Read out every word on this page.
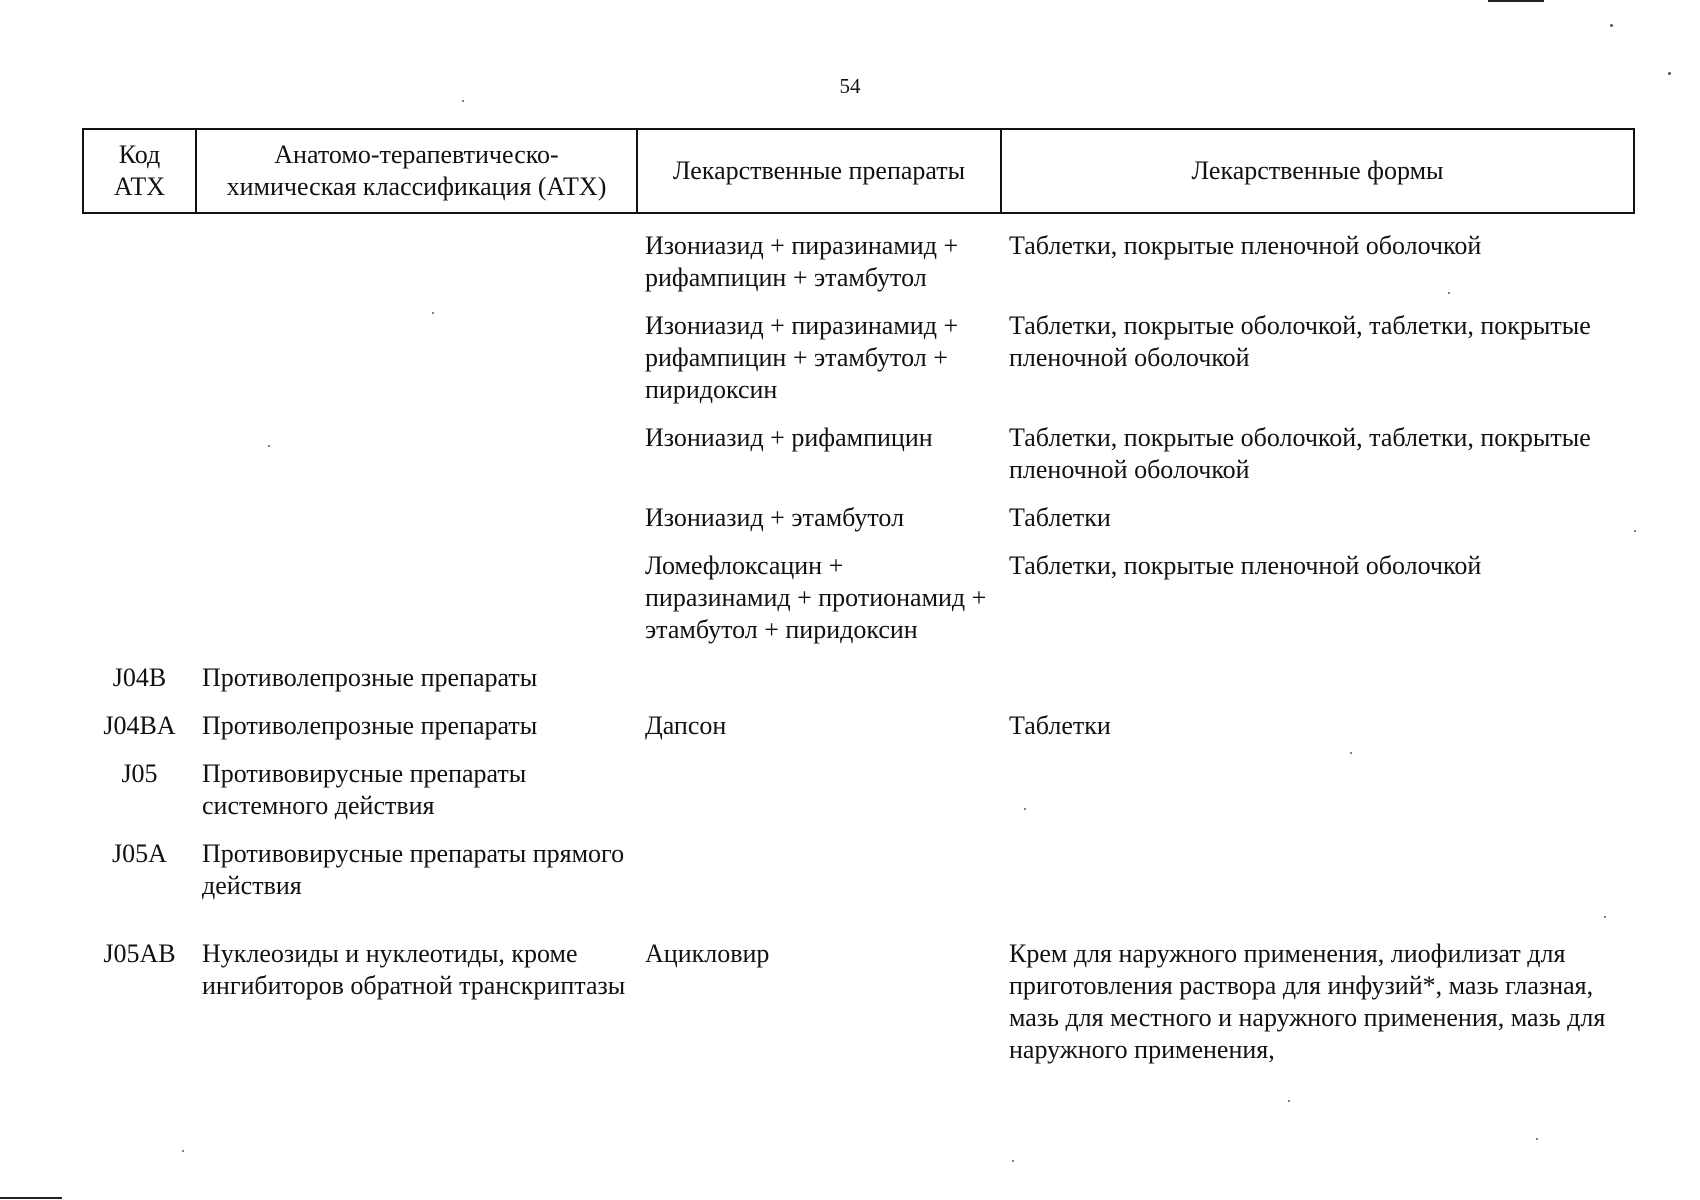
54
Код АТХ	Анатомо-терапевтическо-химическая классификация (АТХ)	Лекарственные препараты	Лекарственные формы
		Изониазид + пиразинамид + рифампицин + этамбутол	Таблетки, покрытые пленочной оболочкой
		Изониазид + пиразинамид + рифампицин + этамбутол + пиридоксин	Таблетки, покрытые оболочкой, таблетки, покрытые пленочной оболочкой
		Изониазид + рифампицин	Таблетки, покрытые оболочкой, таблетки, покрытые пленочной оболочкой
		Изониазид + этамбутол	Таблетки
		Ломефлоксацин + пиразинамид + протионамид + этамбутол + пиридоксин	Таблетки, покрытые пленочной оболочкой
J04B	Противолепрозные препараты		
J04BA	Противолепрозные препараты	Дапсон	Таблетки
J05	Противовирусные препараты системного действия		
J05A	Противовирусные препараты прямого действия		
J05AB	Нуклеозиды и нуклеотиды, кроме ингибиторов обратной транскриптазы	Ацикловир	Крем для наружного применения, лиофилизат для приготовления раствора для инфузий*, мазь глазная, мазь для местного и наружного применения, мазь для наружного применения,
